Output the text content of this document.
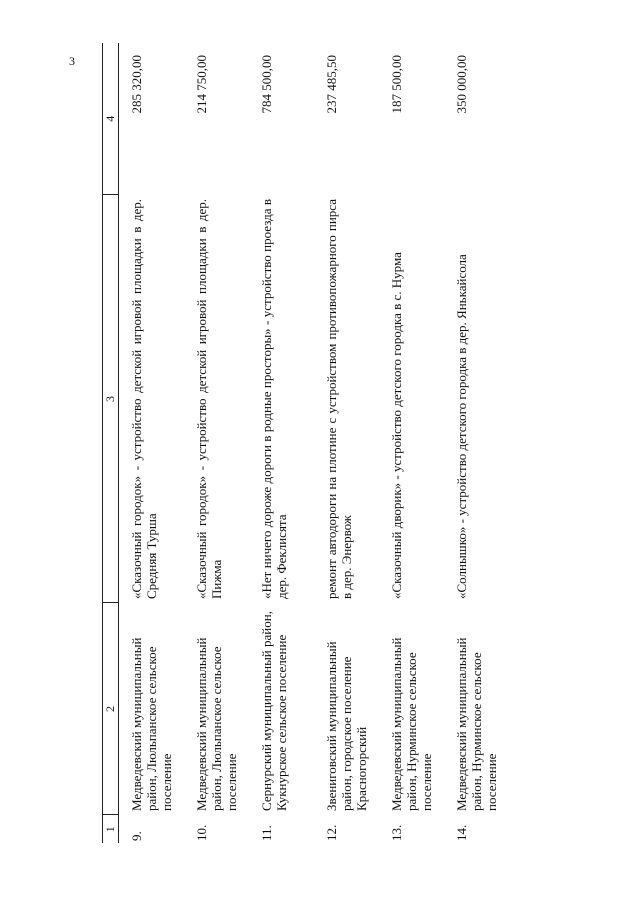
3
1	2	3	4
9.	Медведевский муниципальный район, Люльпанское сельское поселение	«Сказочный городок» - устройство детской игровой площадки в дер. Средняя Турша	285 320,00
10.	Медведевский муниципальный район, Люльпанское сельское поселение	«Сказочный городок» - устройство детской игровой площадки в дер. Пижма	214 750,00
11.	Сернурский муниципальный район, Кукнурское сельское поселение	«Нет ничего дороже дороги в родные просторы» - устройство проезда в дер. Феклисята	784 500,00
12.	Звениговский муниципальный район, городское поселение Красногорский	ремонт автодороги на плотине с устройством противопожарного пирса в дер. Энервож	237 485,50
13.	Медведевский муниципальный район, Нурминское сельское поселение	«Сказочный дворик» - устройство детского городка в с. Нурма	187 500,00
14.	Медведевский муниципальный район, Нурминское сельское поселение	«Солнышко» - устройство детского городка в дер. Янькайсола	350 000,00
